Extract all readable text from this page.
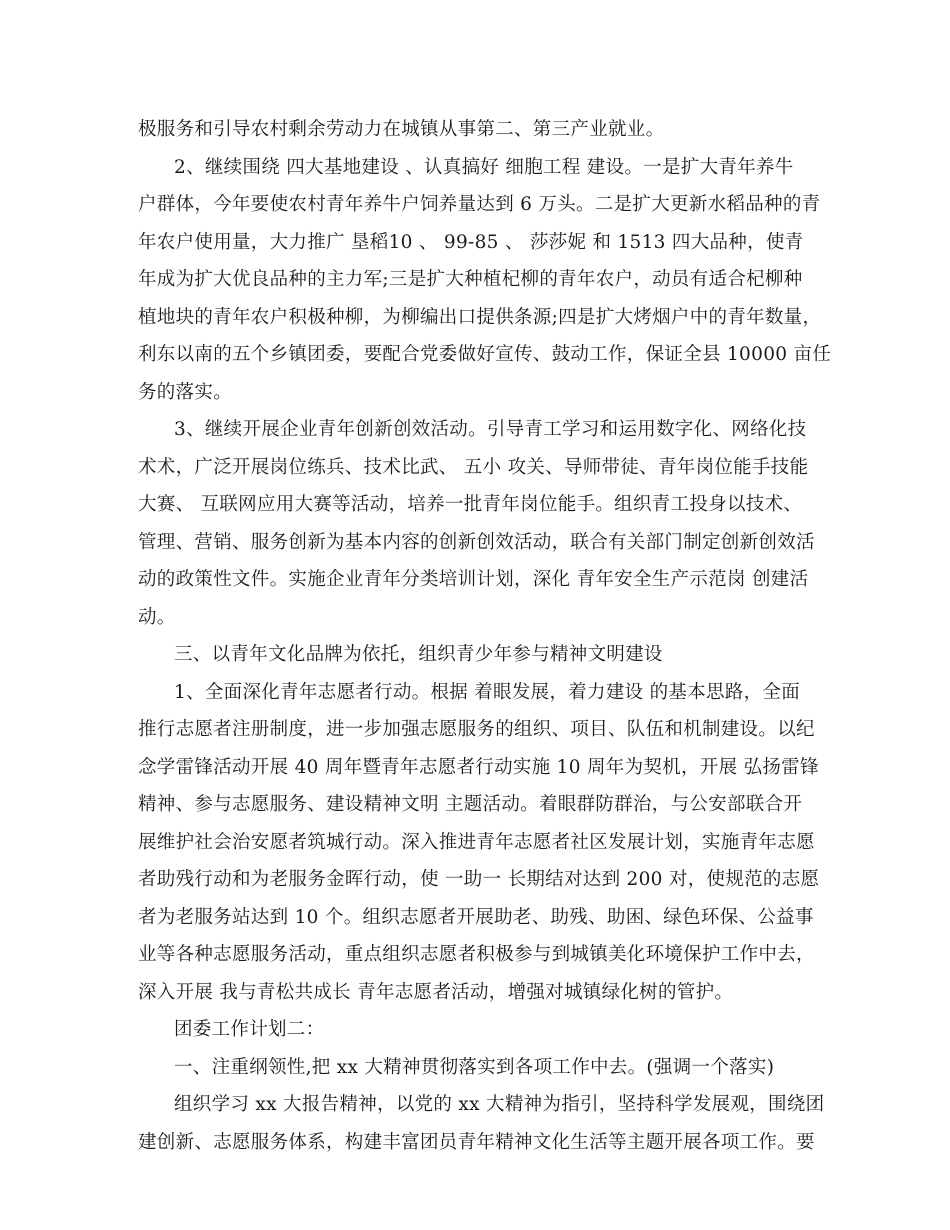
极服务和引导农村剩余劳动力在城镇从事第二、第三产业就业。
2、继续围绕 四大基地建设 、认真搞好 细胞工程 建设。一是扩大青年养牛
户群体，今年要使农村青年养牛户饲养量达到 6 万头。二是扩大更新水稻品种的青
年农户使用量，大力推广 垦稻10 、 99-85 、 莎莎妮 和 1513 四大品种，使青
年成为扩大优良品种的主力军;三是扩大种植杞柳的青年农户，动员有适合杞柳种
植地块的青年农户积极种柳，为柳编出口提供条源;四是扩大烤烟户中的青年数量，
利东以南的五个乡镇团委，要配合党委做好宣传、鼓动工作，保证全县 10000 亩任
务的落实。
3、继续开展企业青年创新创效活动。引导青工学习和运用数字化、网络化技
术术，广泛开展岗位练兵、技术比武、 五小 攻关、导师带徒、青年岗位能手技能
大赛、 互联网应用大赛等活动，培养一批青年岗位能手。组织青工投身以技术、
管理、营销、服务创新为基本内容的创新创效活动，联合有关部门制定创新创效活
动的政策性文件。实施企业青年分类培训计划，深化 青年安全生产示范岗 创建活
动。
三、以青年文化品牌为依托，组织青少年参与精神文明建设
1、全面深化青年志愿者行动。根据 着眼发展，着力建设 的基本思路，全面
推行志愿者注册制度，进一步加强志愿服务的组织、项目、队伍和机制建设。以纪
念学雷锋活动开展 40 周年暨青年志愿者行动实施 10 周年为契机，开展 弘扬雷锋
精神、参与志愿服务、建设精神文明 主题活动。着眼群防群治，与公安部联合开
展维护社会治安愿者筑城行动。深入推进青年志愿者社区发展计划，实施青年志愿
者助残行动和为老服务金晖行动，使 一助一 长期结对达到 200 对，使规范的志愿
者为老服务站达到 10 个。组织志愿者开展助老、助残、助困、绿色环保、公益事
业等各种志愿服务活动，重点组织志愿者积极参与到城镇美化环境保护工作中去，
深入开展 我与青松共成长 青年志愿者活动，增强对城镇绿化树的管护。
团委工作计划二：
一、注重纲领性,把 xx 大精神贯彻落实到各项工作中去。(强调一个落实)
组织学习 xx 大报告精神，以党的 xx 大精神为指引，坚持科学发展观，围绕团
建创新、志愿服务体系，构建丰富团员青年精神文化生活等主题开展各项工作。要
